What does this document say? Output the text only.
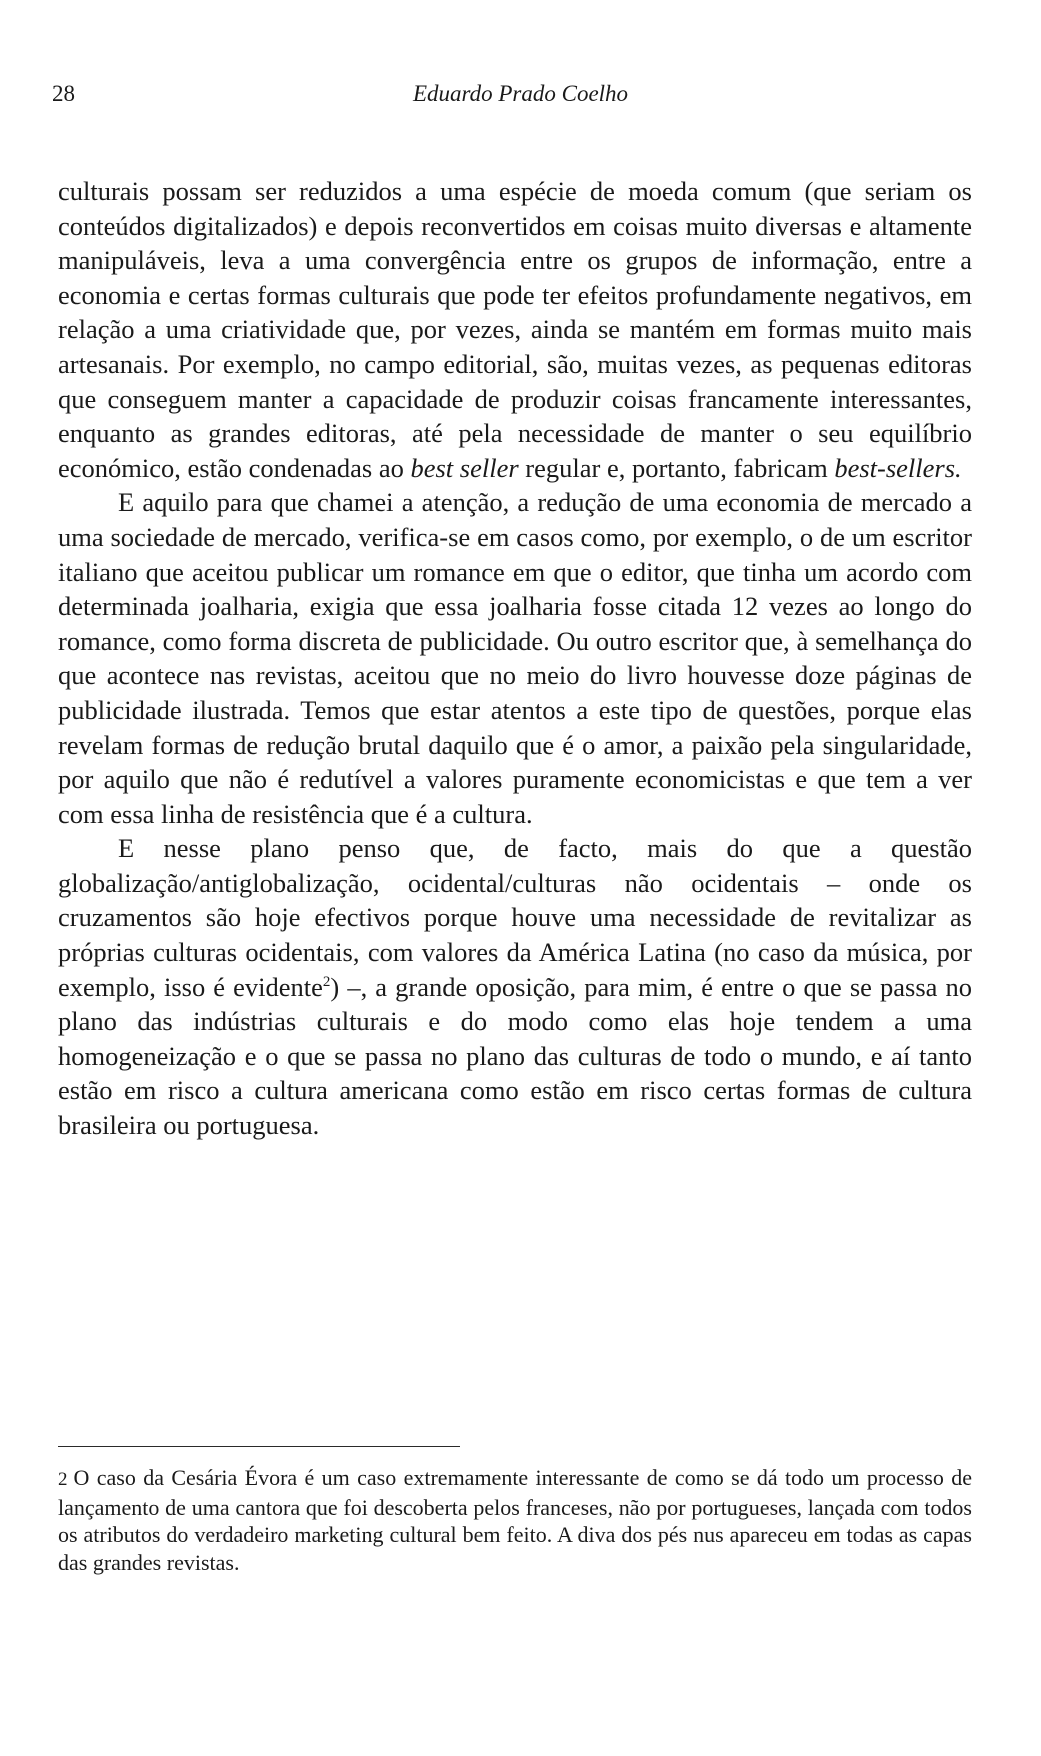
28	Eduardo Prado Coelho

culturais possam ser reduzidos a uma espécie de moeda comum (que seriam os conteúdos digitalizados) e depois reconvertidos em coisas muito diversas e altamente manipuláveis, leva a uma convergência entre os grupos de informação, entre a economia e certas formas culturais que pode ter efeitos profundamente negativos, em relação a uma criatividade que, por vezes, ainda se mantém em formas muito mais artesanais. Por exemplo, no campo editorial, são, muitas vezes, as pequenas editoras que conseguem manter a capacidade de produzir coisas francamente interessantes, enquanto as grandes editoras, até pela necessidade de manter o seu equilíbrio económico, estão condenadas ao best seller regular e, portanto, fabricam best-sellers.

E aquilo para que chamei a atenção, a redução de uma economia de mercado a uma sociedade de mercado, verifica-se em casos como, por exemplo, o de um escritor italiano que aceitou publicar um romance em que o editor, que tinha um acordo com determinada joalharia, exigia que essa joalharia fosse citada 12 vezes ao longo do romance, como forma discreta de publicidade. Ou outro escritor que, à semelhança do que acontece nas revistas, aceitou que no meio do livro houvesse doze páginas de publicidade ilustrada. Temos que estar atentos a este tipo de questões, porque elas revelam formas de redução brutal daquilo que é o amor, a paixão pela singularidade, por aquilo que não é redutível a valores puramente economicistas e que tem a ver com essa linha de resistência que é a cultura.

E nesse plano penso que, de facto, mais do que a questão globalização/antiglobalização, ocidental/culturas não ocidentais – onde os cruzamentos são hoje efectivos porque houve uma necessidade de revitalizar as próprias culturas ocidentais, com valores da América Latina (no caso da música, por exemplo, isso é evidente$^2$) –, a grande oposição, para mim, é entre o que se passa no plano das indústrias culturais e do modo como elas hoje tendem a uma homogeneização e o que se passa no plano das culturas de todo o mundo, e aí tanto estão em risco a cultura americana como estão em risco certas formas de cultura brasileira ou portuguesa.

2 O caso da Cesária Évora é um caso extremamente interessante de como se dá todo um processo de lançamento de uma cantora que foi descoberta pelos franceses, não por portugueses, lançada com todos os atributos do verdadeiro marketing cultural bem feito. A diva dos pés nus apareceu em todas as capas das grandes revistas.
